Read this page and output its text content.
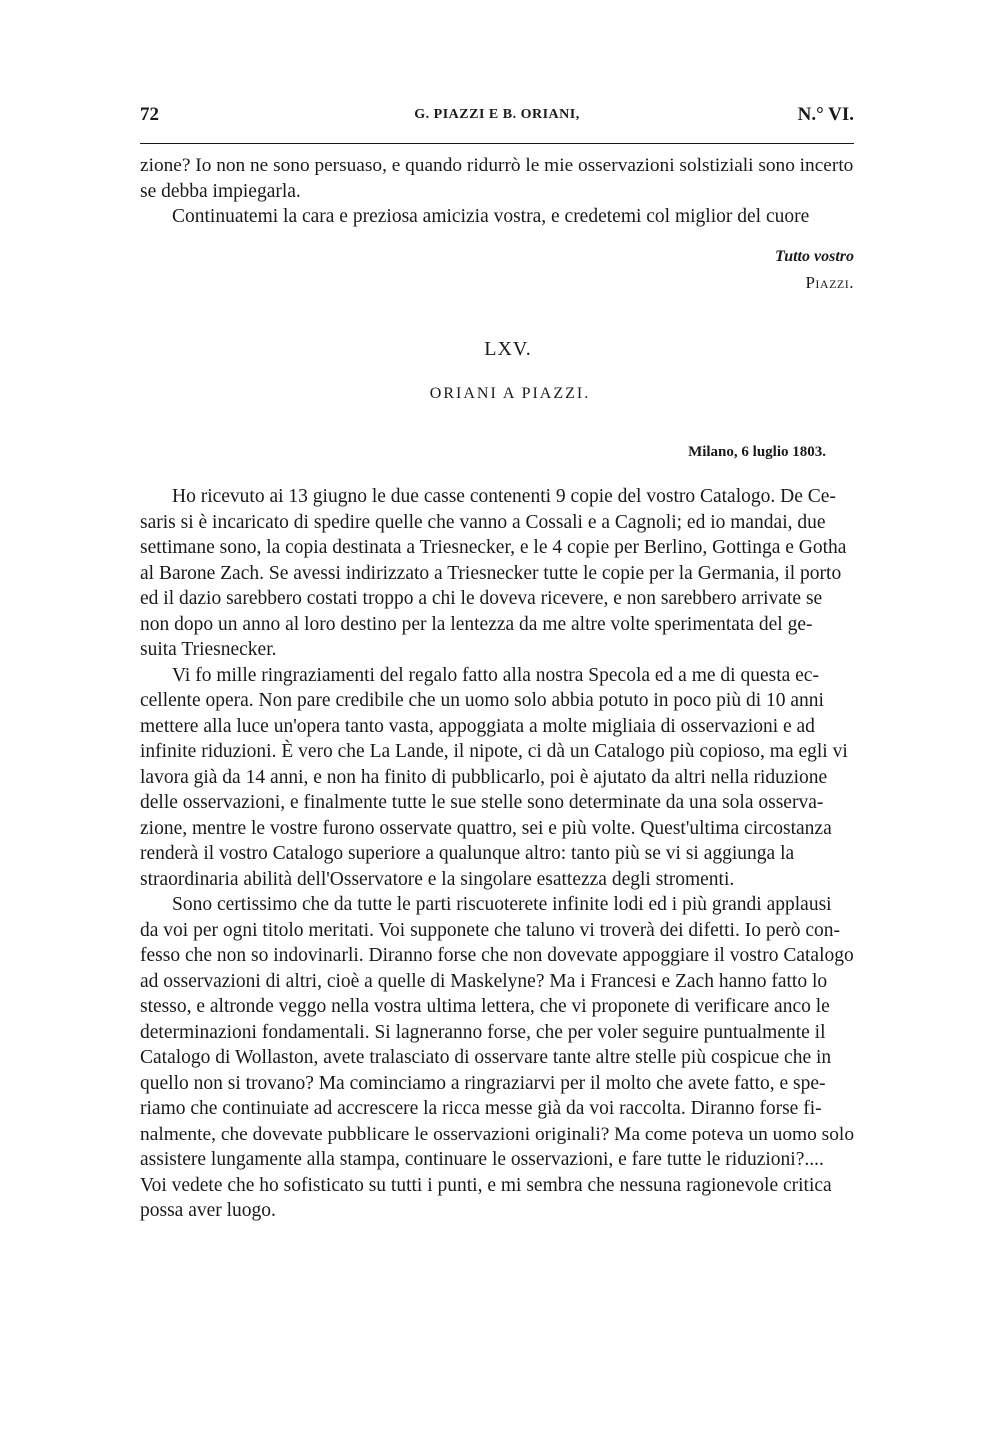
72	G. PIAZZI E B. ORIANI,	N.° VI.
zione? Io non ne sono persuaso, e quando ridurrò le mie osservazioni solstiziali sono incerto
se debba impiegarla.
Continuatemi la cara e preziosa amicizia vostra, e credetemi col miglior del cuore
Tutto vostro
Piazzi.
LXV.
ORIANI A PIAZZI.
Milano, 6 luglio 1803.

Ho ricevuto ai 13 giugno le due casse contenenti 9 copie del vostro Catalogo. De Ce-
saris si è incaricato di spedire quelle che vanno a Cossali e a Cagnoli; ed io mandai, due
settimane sono, la copia destinata a Triesnecker, e le 4 copie per Berlino, Gottinga e Gotha
al Barone Zach. Se avessi indirizzato a Triesnecker tutte le copie per la Germania, il porto
ed il dazio sarebbero costati troppo a chi le doveva ricevere, e non sarebbero arrivate se
non dopo un anno al loro destino per la lentezza da me altre volte sperimentata del ge-
suita Triesnecker.

Vi fo mille ringraziamenti del regalo fatto alla nostra Specola ed a me di questa ec-
cellente opera. Non pare credibile che un uomo solo abbia potuto in poco più di 10 anni
mettere alla luce un'opera tanto vasta, appoggiata a molte migliaia di osservazioni e ad
infinite riduzioni. È vero che La Lande, il nipote, ci dà un Catalogo più copioso, ma egli vi
lavora già da 14 anni, e non ha finito di pubblicarlo, poi è ajutato da altri nella riduzione
delle osservazioni, e finalmente tutte le sue stelle sono determinate da una sola osserva-
zione, mentre le vostre furono osservate quattro, sei e più volte. Quest'ultima circostanza
renderà il vostro Catalogo superiore a qualunque altro: tanto più se vi si aggiunga la
straordinaria abilità dell'Osservatore e la singolare esattezza degli stromenti.

Sono certissimo che da tutte le parti riscuoterete infinite lodi ed i più grandi applausi
da voi per ogni titolo meritati. Voi supponete che taluno vi troverà dei difetti. Io però con-
fesso che non so indovinarli. Diranno forse che non dovevate appoggiare il vostro Catalogo
ad osservazioni di altri, cioè a quelle di Maskelyne? Ma i Francesi e Zach hanno fatto lo
stesso, e altronde veggo nella vostra ultima lettera, che vi proponete di verificare anco le
determinazioni fondamentali. Si lagneranno forse, che per voler seguire puntualmente il
Catalogo di Wollaston, avete tralasciato di osservare tante altre stelle più cospicue che in
quello non si trovano? Ma cominciamo a ringraziarvi per il molto che avete fatto, e spe-
riamo che continuiate ad accrescere la ricca messe già da voi raccolta. Diranno forse fi-
nalmente, che dovevate pubblicare le osservazioni originali? Ma come poteva un uomo solo
assistere lungamente alla stampa, continuare le osservazioni, e fare tutte le riduzioni?....
Voi vedete che ho sofisticato su tutti i punti, e mi sembra che nessuna ragionevole critica
possa aver luogo.
